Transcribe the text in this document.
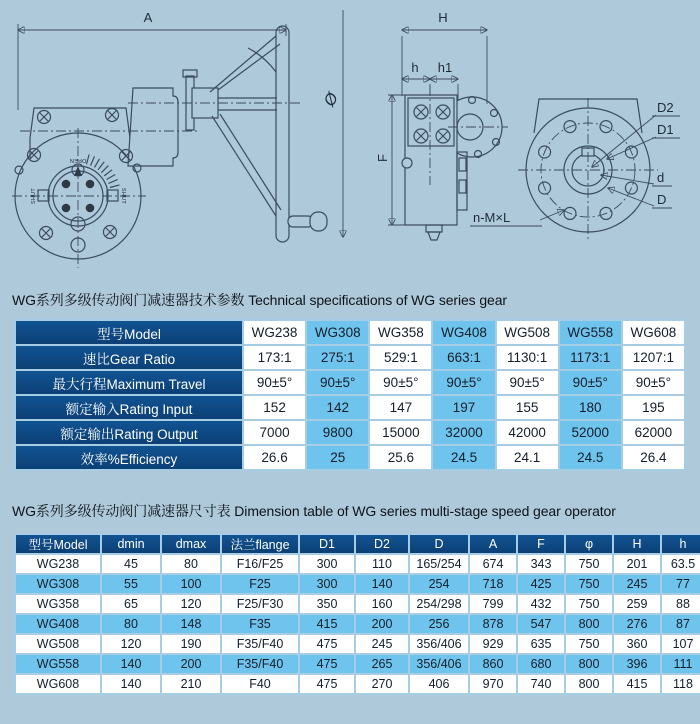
A
OPEN
SHUT	SHUT
Ø
H
h h1
F
D2
D1
d
D
n-M×L
WG系列多级传动阀门减速器技术参数 Technical specifications of WG series gear
型号Model	WG238	WG308	WG358	WG408	WG508	WG558	WG608
速比Gear Ratio	173:1	275:1	529:1	663:1	1130:1	1173:1	1207:1
最大行程Maximum Travel	90±5°	90±5°	90±5°	90±5°	90±5°	90±5°	90±5°
额定输入Rating Input	152	142	147	197	155	180	195
额定输出Rating Output	7000	9800	15000	32000	42000	52000	62000
效率%Efficiency	26.6	25	25.6	24.5	24.1	24.5	26.4
WG系列多级传动阀门减速器尺寸表 Dimension table of WG series multi-stage speed gear operator
型号Model	dmin	dmax	法兰flange	D1	D2	D	A	F	φ	H	h	
WG238	45	80	F16/F25	300	110	165/254	674	343	750	201	63.5	
WG308	55	100	F25	300	140	254	718	425	750	245	77	
WG358	65	120	F25/F30	350	160	254/298	799	432	750	259	88	
WG408	80	148	F35	415	200	256	878	547	800	276	87	
WG508	120	190	F35/F40	475	245	356/406	929	635	750	360	107	
WG558	140	200	F35/F40	475	265	356/406	860	680	800	396	111	
WG608	140	210	F40	475	270	406	970	740	800	415	118	
